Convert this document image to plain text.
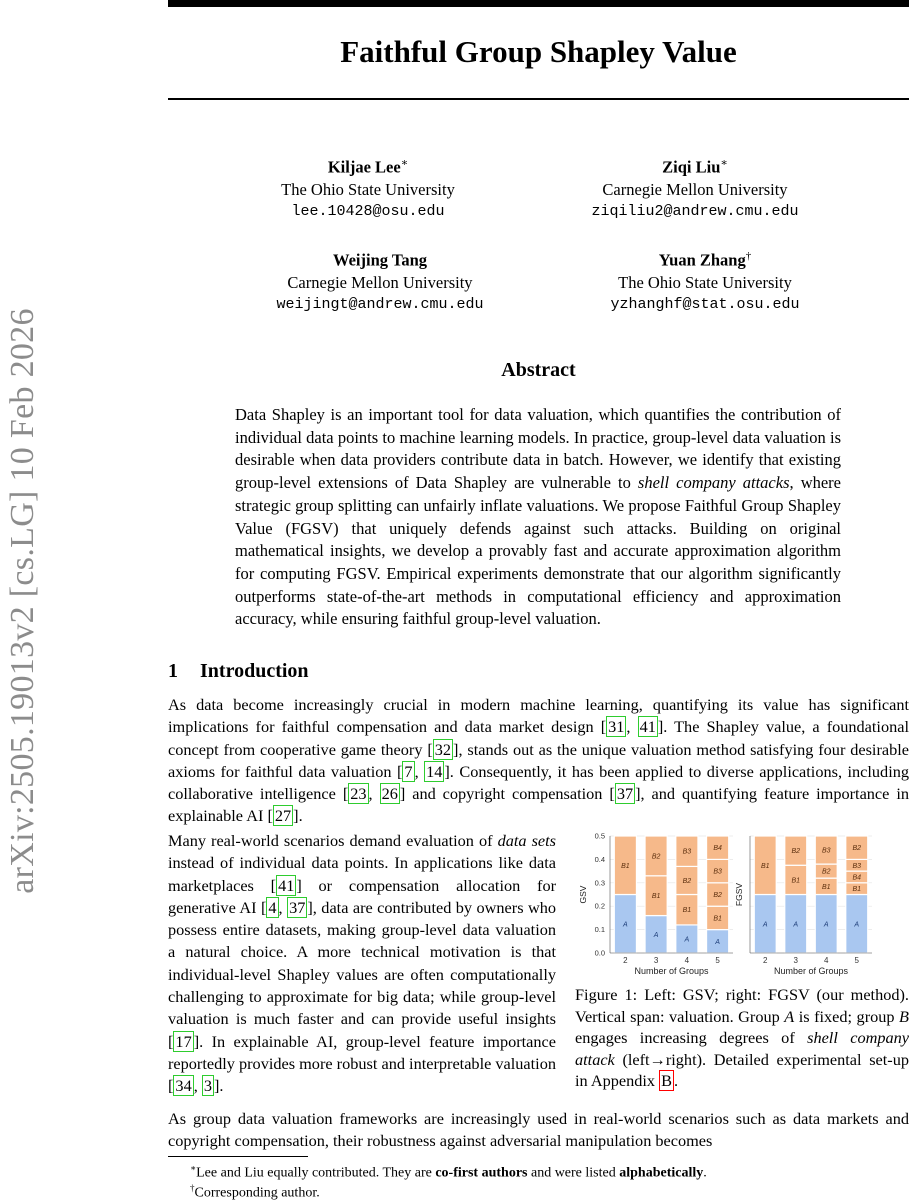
Faithful Group Shapley Value
arXiv:2505.19013v2 [cs.LG] 10 Feb 2026
Kiljae Lee∗
The Ohio State University
lee.10428@osu.edu
Ziqi Liu∗
Carnegie Mellon University
ziqiliu2@andrew.cmu.edu
Weijing Tang
Carnegie Mellon University
weijingt@andrew.cmu.edu
Yuan Zhang†
The Ohio State University
yzhanghf@stat.osu.edu
Abstract
Data Shapley is an important tool for data valuation, which quantifies the contribution of individual data points to machine learning models. In practice, group-level data valuation is desirable when data providers contribute data in batch. However, we identify that existing group-level extensions of Data Shapley are vulnerable to shell company attacks, where strategic group splitting can unfairly inflate valuations. We propose Faithful Group Shapley Value (FGSV) that uniquely defends against such attacks. Building on original mathematical insights, we develop a provably fast and accurate approximation algorithm for computing FGSV. Empirical experiments demonstrate that our algorithm significantly outperforms state-of-the-art methods in computational efficiency and approximation accuracy, while ensuring faithful group-level valuation.
1 Introduction
As data become increasingly crucial in modern machine learning, quantifying its value has significant implications for faithful compensation and data market design [ 31 , 41 ]. The Shapley value, a foundational concept from cooperative game theory [ 32 ], stands out as the unique valuation method satisfying four desirable axioms for faithful data valuation [ 7 , 14 ]. Consequently, it has been applied to diverse applications, including collaborative intelligence [ 23 , 26 ] and copyright compensation [ 37 ], and quantifying feature importance in explainable AI [ 27 ].
Many real-world scenarios demand evaluation of data sets instead of individual data points. In applications like data marketplaces [ 41 ] or compensation allocation for generative AI [ 4 , 37 ], data are contributed by owners who possess entire datasets, making group-level data valuation a natural choice. A more technical motivation is that individual-level Shapley values are often computationally challenging to approximate for big data; while group-level valuation is much faster and can provide useful insights [ 17 ]. In explainable AI, group-level feature importance reportedly provides more robust and interpretable valuation [ 34 , 3 ].
0.0
0.1
0.2
0.3
0.4
0.5
GSV
A
B1
2
A
B1
B2
3
A
B1
B2
B3
4
A
B1
B2
B3
B4
5
Number of Groups
FGSV
A
B1
2
A
B1
B2
3
A
B1
B2
B3
4
A
B1
B4
B3
B2
5
Number of Groups
Figure 1: Left: GSV; right: FGSV (our method). Vertical span: valuation. Group A is fixed; group B engages increasing degrees of shell company attack (left→right). Detailed experimental set-up in Appendix B .
As group data valuation frameworks are increasingly used in real-world scenarios such as data markets and copyright compensation, their robustness against adversarial manipulation becomes
∗Lee and Liu equally contributed. They are co-first authors and were listed alphabetically.
†Corresponding author.
